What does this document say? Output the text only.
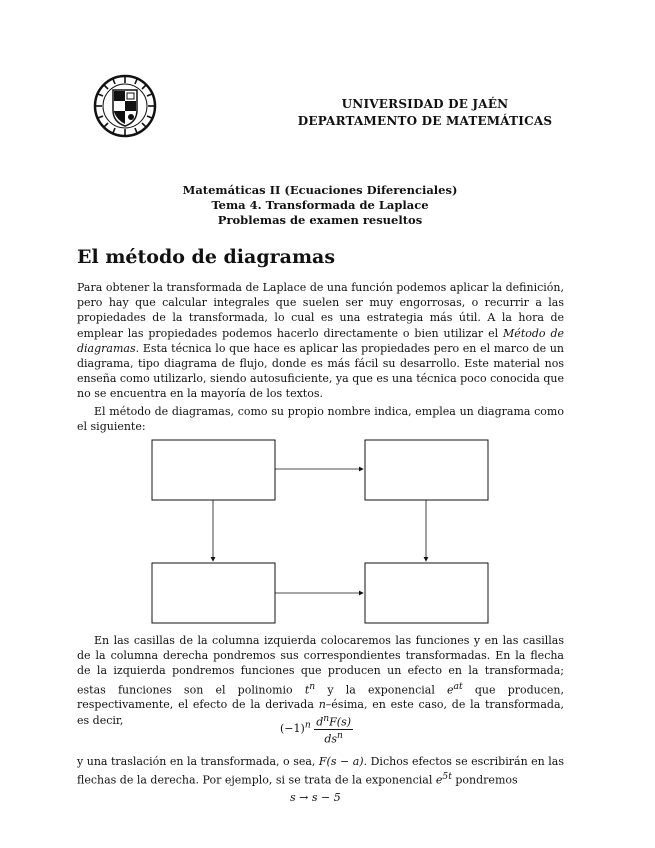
UNIVERSIDAD DE JAÉN
DEPARTAMENTO DE MATEMÁTICAS
Matemáticas II (Ecuaciones Diferenciales)
Tema 4. Transformada de Laplace
Problemas de examen resueltos
El método de diagramas

Para obtener la transformada de Laplace de una función podemos aplicar la definición, pero hay que calcular integrales que suelen ser muy engorrosas, o recurrir a las propiedades de la transformada, lo cual es una estrategia más útil. A la hora de emplear las propiedades podemos hacerlo directamente o bien utilizar el Método de diagramas. Esta técnica lo que hace es aplicar las propiedades pero en el marco de un diagrama, tipo diagrama de flujo, donde es más fácil su desarrollo. Este material nos enseña como utilizarlo, siendo autosuficiente, ya que es una técnica poco conocida que no se encuentra en la mayoría de los textos.

El método de diagramas, como su propio nombre indica, emplea un diagrama como el siguiente:

En las casillas de la columna izquierda colocaremos las funciones y en las casillas de la columna derecha pondremos sus correspondientes transformadas. En la flecha de la izquierda pondremos funciones que producen un efecto en la transformada; estas funciones son el polinomio $t^n$ y la exponencial $e^{at}$ que producen, respectivamente, el efecto de la derivada n–ésima, en este caso, de la transformada, es decir,

$(-1)^n \frac{d^nF(s)}{ds^n}$

y una traslación en la transformada, o sea, F(s − a). Dichos efectos se escribirán en las flechas de la derecha. Por ejemplo, si se trata de la exponencial $e^{5t}$ pondremos

s → s − 5
